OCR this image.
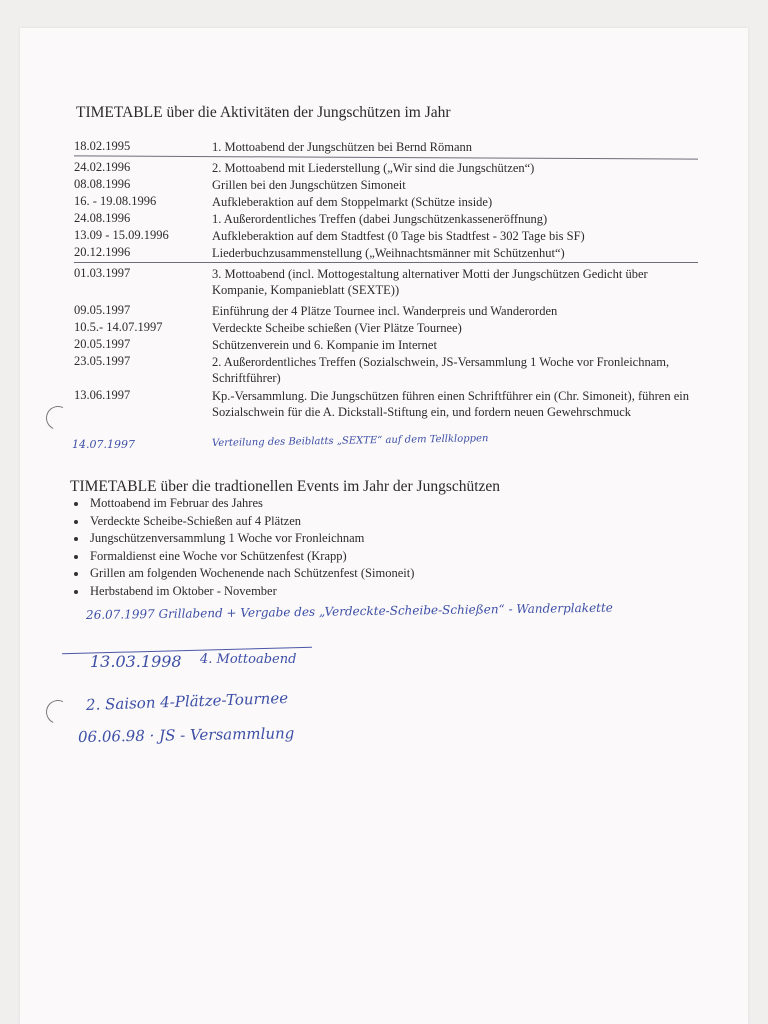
TIMETABLE über die Aktivitäten der Jungschützen im Jahr
18.02.1995	1. Mottoabend der Jungschützen bei Bernd Römann
24.02.1996	2. Mottoabend mit Liederstellung („Wir sind die Jungschützen“)
08.08.1996	Grillen bei den Jungschützen Simoneit
16. - 19.08.1996	Aufkleberaktion auf dem Stoppelmarkt (Schütze inside)
24.08.1996	1. Außerordentliches Treffen (dabei Jungschützenkasseneröffnung)
13.09 - 15.09.1996	Aufkleberaktion auf dem Stadtfest (0 Tage bis Stadtfest - 302 Tage bis SF)
20.12.1996	Liederbuchzusammenstellung („Weihnachtsmänner mit Schützenhut“)
01.03.1997	3. Mottoabend (incl. Mottogestaltung alternativer Motti der Jungschützen Gedicht über Kompanie, Kompanieblatt (SEXTE))
09.05.1997	Einführung der 4 Plätze Tournee incl. Wanderpreis und Wanderorden
10.5.- 14.07.1997	Verdeckte Scheibe schießen (Vier Plätze Tournee)
20.05.1997	Schützenverein und 6. Kompanie im Internet
23.05.1997	2. Außerordentliches Treffen (Sozialschwein, JS-Versammlung 1 Woche vor Fronleichnam, Schriftführer)
13.06.1997	Kp.-Versammlung. Die Jungschützen führen einen Schriftführer ein (Chr. Simoneit), führen ein Sozialschwein für die A. Dickstall-Stiftung ein, und fordern neuen Gewehrschmuck
14.07.1997	Verteilung des Beiblatts „SEXTE“ auf dem Tellkloppen
TIMETABLE über die tradtionellen Events im Jahr der Jungschützen
Mottoabend im Februar des Jahres
Verdeckte Scheibe-Schießen auf 4 Plätzen
Jungschützenversammlung 1 Woche vor Fronleichnam
Formaldienst eine Woche vor Schützenfest (Krapp)
Grillen am folgenden Wochenende nach Schützenfest (Simoneit)
Herbstabend im Oktober - November
26.07.1997 Grillabend + Vergabe des „Verdeckte-Scheibe-Schießen“ - Wanderplakette
13.03.1998 4. Mottoabend
2. Saison 4-Plätze-Tournee
06.06.98 · JS - Versammlung
